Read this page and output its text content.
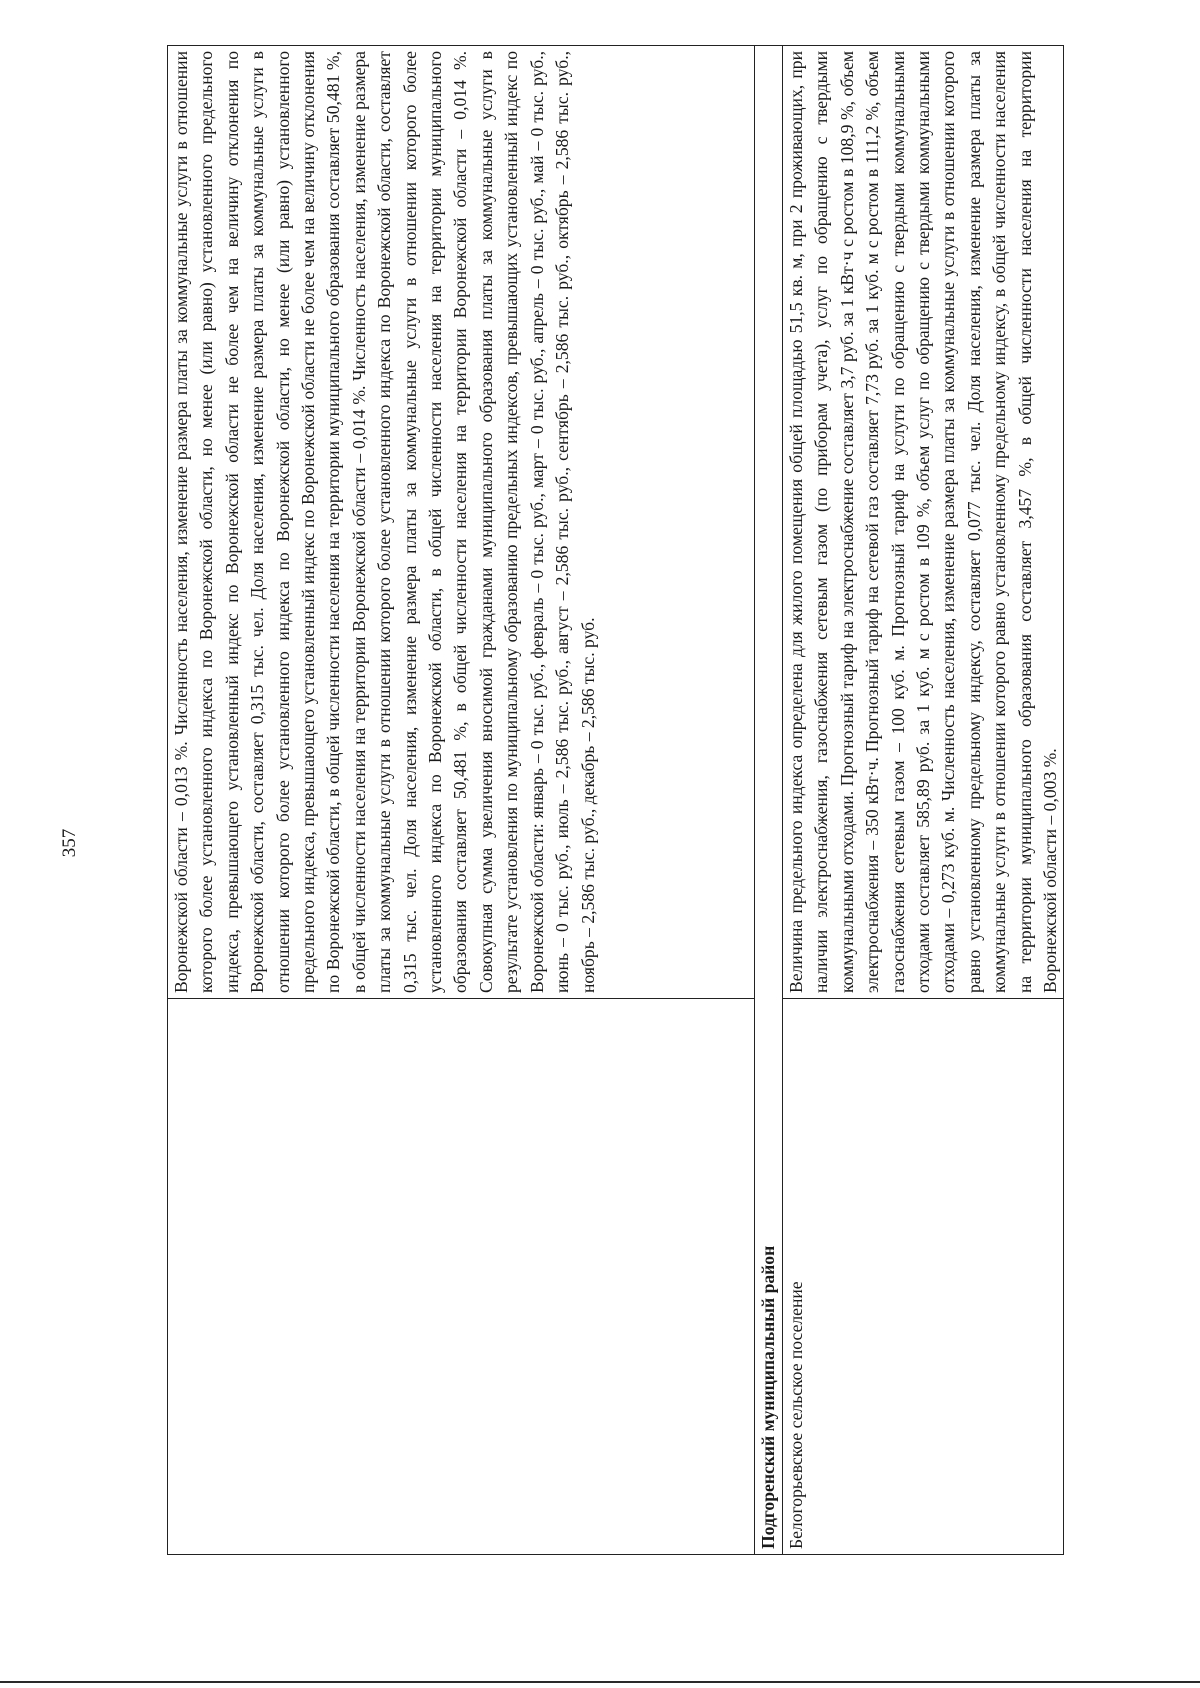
357
		Воронежской области – 0,013 %. Численность населения, изменение размера платы за коммунальные услуги в отношении которого более установленного индекса по Воронежской области, но менее (или равно) установленного предельного индекса, превышающего установленный индекс по Воронежской области не более чем на величину отклонения по Воронежской области, составляет 0,315 тыс. чел. Доля населения, изменение размера платы за коммунальные услуги в отношении которого более установленного индекса по Воронежской области, но менее (или равно) установленного предельного индекса, превышающего установленный индекс по Воронежской области не более чем на величину отклонения по Воронежской области, в общей численности населения на территории муниципального образования составляет 50,481 %, в общей численности населения на территории Воронежской области – 0,014 %. Численность населения, изменение размера платы за коммунальные услуги в отношении которого более установленного индекса по Воронежской области, составляет 0,315 тыс. чел. Доля населения, изменение размера платы за коммунальные услуги в отношении которого более установленного индекса по Воронежской области, в общей численности населения на территории муниципального образования составляет 50,481 %, в общей численности населения на территории Воронежской области – 0,014 %. Совокупная сумма увеличения вносимой гражданами муниципального образования платы за коммунальные услуги в результате установления по муниципальному образованию предельных индексов, превышающих установленный индекс по Воронежской области: январь – 0 тыс. руб., февраль – 0 тыс. руб., март – 0 тыс. руб., апрель – 0 тыс. руб., май – 0 тыс. руб., июнь – 0 тыс. руб., июль – 2,586 тыс. руб., август – 2,586 тыс. руб., сентябрь – 2,586 тыс. руб., октябрь – 2,586 тыс. руб., ноябрь – 2,586 тыс. руб., декабрь – 2,586 тыс. руб.
Подгоренский муниципальный район	
Белогорьевское сельское поселение	Величина предельного индекса определена для жилого помещения общей площадью 51,5 кв. м, при 2 проживающих, при наличии электроснабжения, газоснабжения сетевым газом (по приборам учета), услуг по обращению с твердыми коммунальными отходами. Прогнозный тариф на электроснабжение составляет 3,7 руб. за 1 кВт·ч с ростом в 108,9 %, объем электроснабжения – 350 кВт·ч. Прогнозный тариф на сетевой газ составляет 7,73 руб. за 1 куб. м с ростом в 111,2 %, объем газоснабжения сетевым газом – 100 куб. м. Прогнозный тариф на услуги по обращению с твердыми коммунальными отходами составляет 585,89 руб. за 1 куб. м с ростом в 109 %, объем услуг по обращению с твердыми коммунальными отходами – 0,273 куб. м. Численность населения, изменение размера платы за коммунальные услуги в отношении которого равно установленному предельному индексу, составляет 0,077 тыс. чел. Доля населения, изменение размера платы за коммунальные услуги в отношении которого равно установленному предельному индексу, в общей численности населения на территории муниципального образования составляет 3,457 %, в общей численности населения на территории Воронежской области – 0,003 %.
